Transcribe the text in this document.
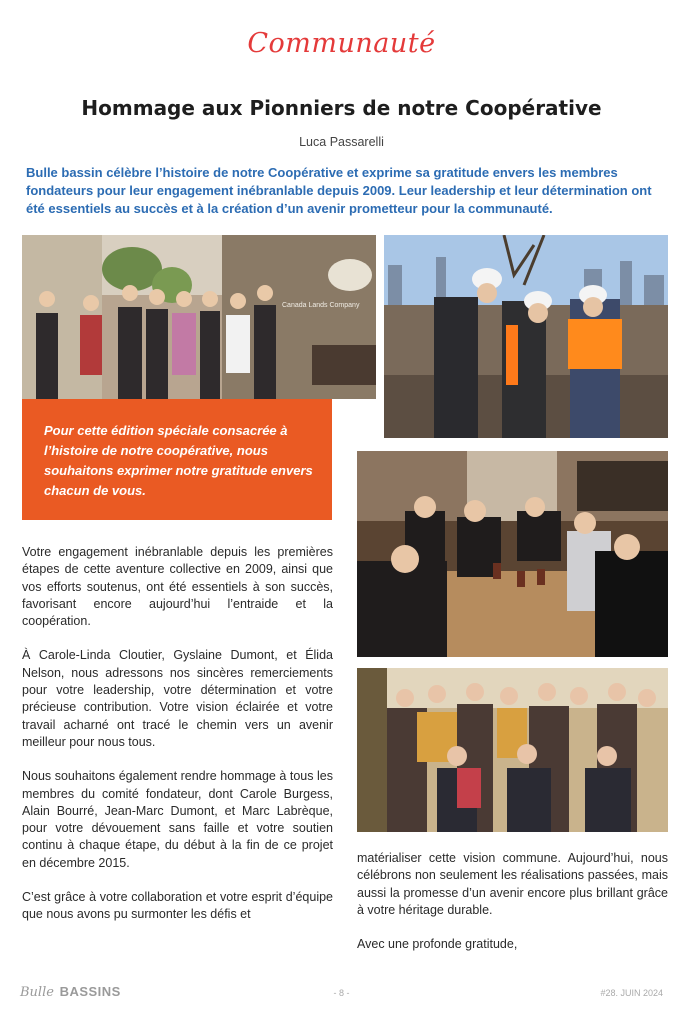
Communauté
Hommage aux Pionniers de notre Coopérative
Luca Passarelli

Bulle bassin célèbre l’histoire de notre Coopérative et exprime sa gratitude envers les membres fondateurs pour leur engagement inébranlable depuis 2009. Leur leadership et leur détermination ont été essentiels au succès et à la création d’un avenir prometteur pour la communauté.

Canada Lands Company
Pour cette édition spéciale consacrée à l’histoire de notre coopérative, nous souhaitons exprimer notre gratitude envers chacun de vous.

Votre engagement inébranlable depuis les premières étapes de cette aventure collective en 2009, ainsi que vos efforts soutenus, ont été essentiels à son succès, favorisant encore aujourd’hui l’entraide et la coopération.

À Carole-Linda Cloutier, Gyslaine Dumont, et Élida Nelson, nous adressons nos sincères remerciements pour votre leadership, votre détermination et votre précieuse contribution. Votre vision éclairée et votre travail acharné ont tracé le chemin vers un avenir meilleur pour nous tous.

Nous souhaitons également rendre hommage à tous les membres du comité fondateur, dont Carole Burgess, Alain Bourré, Jean-Marc Dumont, et Marc Labrèque, pour votre dévouement sans faille et votre soutien continu à chaque étape, du début à la fin de ce projet en décembre 2015.

C’est grâce à votre collaboration et votre esprit d’équipe que nous avons pu surmonter les défis et

matérialiser cette vision commune. Aujourd’hui, nous célébrons non seulement les réalisations passées, mais aussi la promesse d’un avenir encore plus brillant grâce à votre héritage durable.

Avec une profonde gratitude,

Bulle BASSINS	- 8 -	#28. JUIN 2024
